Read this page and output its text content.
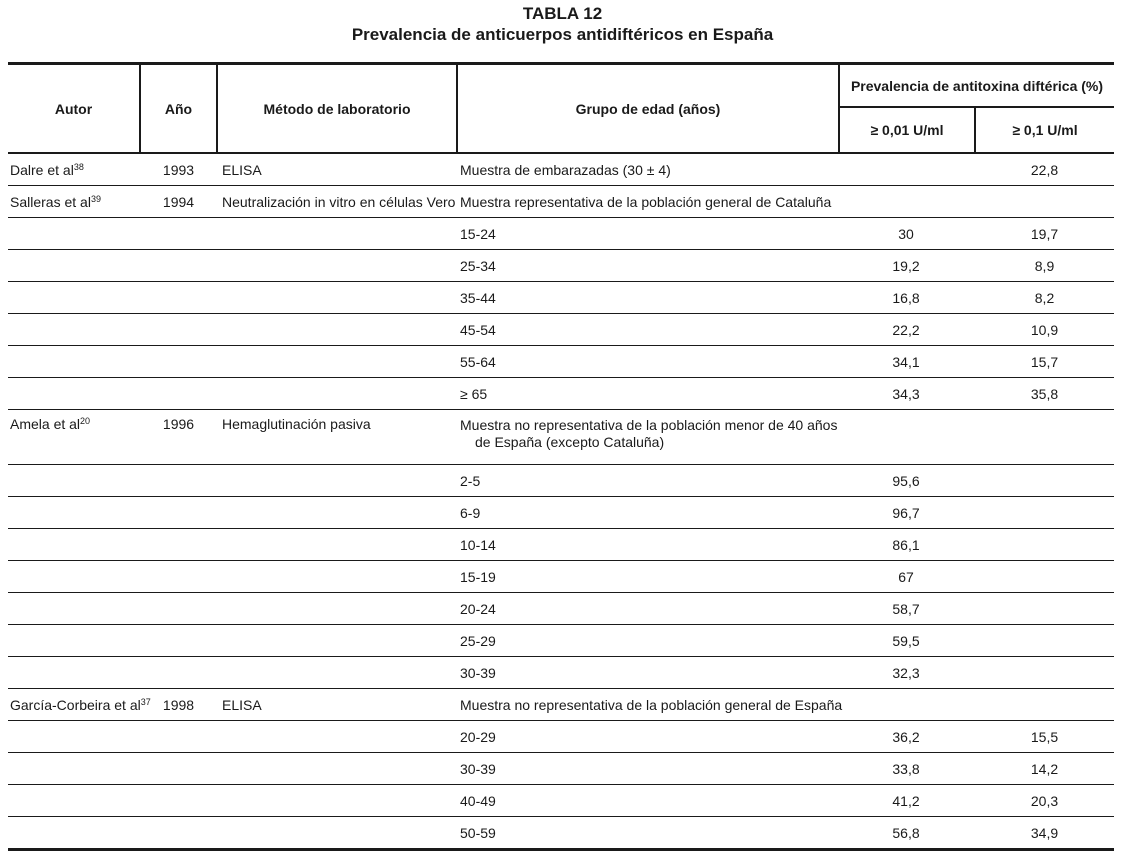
TABLA 12
Prevalencia de anticuerpos antidiftéricos en España
Autor	Año	Método de laboratorio	Grupo de edad (años)	Prevalencia de antitoxina diftérica (%)	
				≥ 0,01 U/ml	≥ 0,1 U/ml
Dalre et $al^{38}$	1993	ELISA	Muestra de embarazadas (30 ± 4)		22,8
Salleras et $al^{39}$	1994	Neutralización in vitro en células Vero	Muestra representativa de la población general de Cataluña		
			15-24	30	19,7
			25-34	19,2	8,9
			35-44	16,8	8,2
			45-54	22,2	10,9
			55-64	34,1	15,7
			≥ 65	34,3	35,8
Amela et $al^{20}$	1996	Hemaglutinación pasiva	Muestra no representativa de la población menor de 40 años
de España (excepto Cataluña)		

			2-5	95,6	
			6-9	96,7	
			10-14	86,1	
			15-19	67	
			20-24	58,7	
			25-29	59,5	
			30-39	32,3	
García-Corbeira et $al^{37}$	1998	ELISA	Muestra no representativa de la población general de España		
			20-29	36,2	15,5
			30-39	33,8	14,2
			40-49	41,2	20,3
			50-59	56,8	34,9
